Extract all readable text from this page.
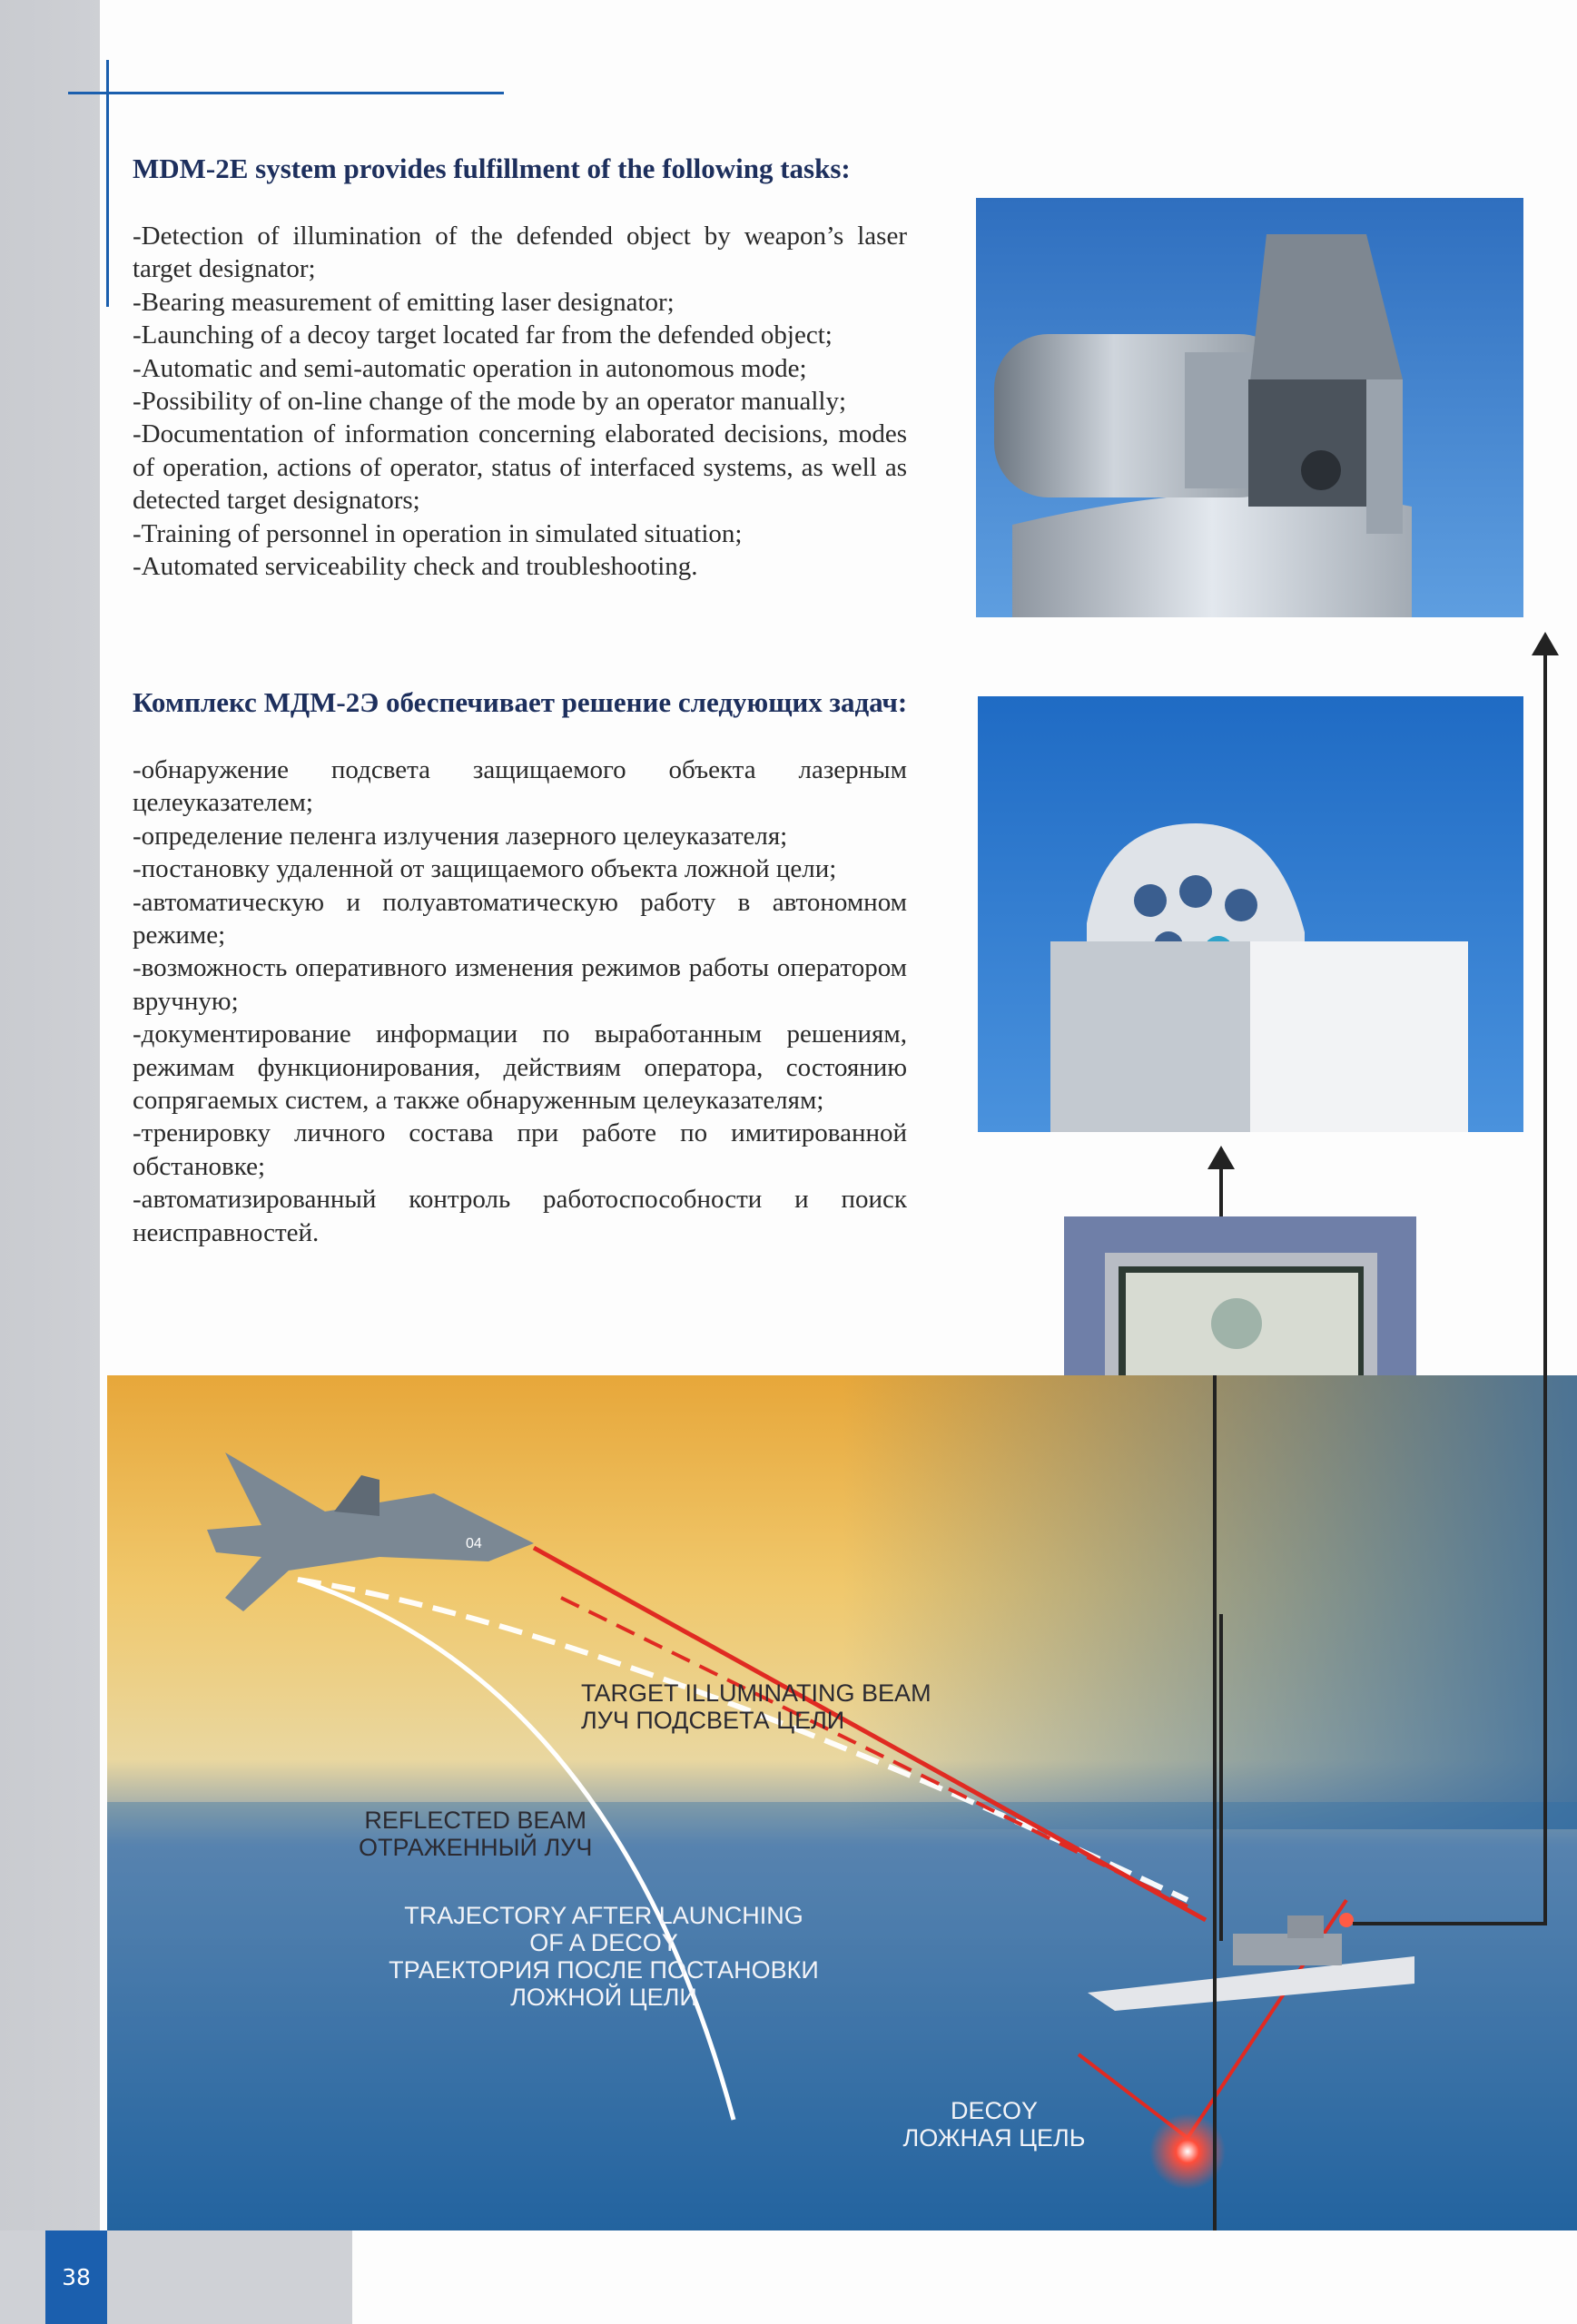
MDM-2E system provides fulfillment of the following tasks:
-Detection of illumination of the defended object by weapon’s laser target designator;
-Bearing measurement of emitting laser designator;
-Launching of a decoy target located far from the defended object;
-Automatic and semi-automatic operation in autonomous mode;
-Possibility of on-line change of the mode by an operator manually;
-Documentation of information concerning elaborated decisions, modes of operation, actions of operator, status of interfaced systems, as well as detected target designators;
-Training of personnel in operation in simulated situation;
-Automated serviceability check and troubleshooting.
Комплекс МДМ-2Э обеспечивает решение следующих задач:
-обнаружение подсвета защищаемого объекта лазерным целеуказателем;
-определение пеленга излучения лазерного целеуказателя;
-постановку удаленной от защищаемого объекта ложной цели;
-автоматическую и полуавтоматическую работу в автономном режиме;
-возможность оперативного изменения режимов работы оператором вручную;
-документирование информации по выработанным решениям, режимам функционирования, действиям оператора, состоянию сопрягаемых систем, а также обнаруженным целеуказателям;
-тренировку личного состава при работе по имитированной обстановке;
-автоматизированный контроль работоспособности и поиск неисправностей.
04
TARGET ILLUMINATING BEAM
ЛУЧ ПОДСВЕТА ЦЕЛИ
REFLECTED BEAM
ОТРАЖЕННЫЙ ЛУЧ
TRAJECTORY AFTER LAUNCHING
OF A DECOY
ТРАЕКТОРИЯ ПОСЛЕ ПОСТАНОВКИ
ЛОЖНОЙ ЦЕЛИ
DECOY
ЛОЖНАЯ ЦЕЛЬ
38
